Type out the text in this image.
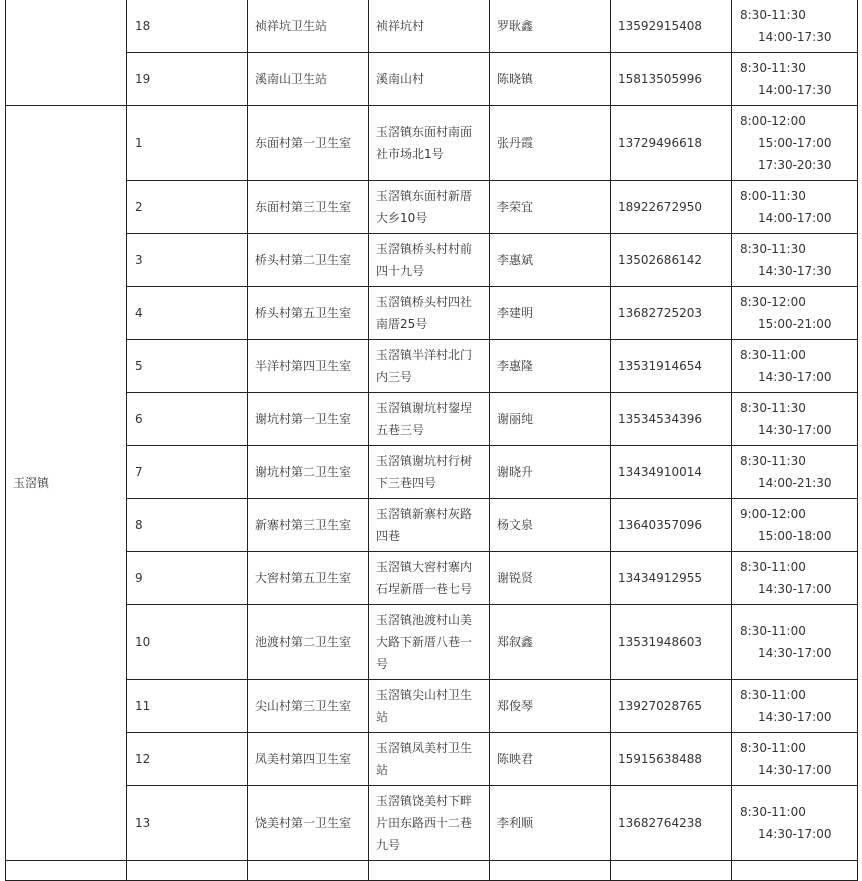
	18	祯祥坑卫生站	祯祥坑村	罗耿鑫	13592915408	8:30-11:30
14:00-17:30

	19	溪南山卫生站	溪南山村	陈晓镇	15813505996	8:30-11:30
14:00-17:30

玉滘镇	1	东面村第一卫生室	玉滘镇东面村南面社市场北1号	张丹霞	13729496618	8:00-12:00
15:00-17:00
17:30-20:30

	2	东面村第三卫生室	玉滘镇东面村新厝大乡10号	李荣宜	18922672950	8:00-11:30
14:00-17:00

	3	桥头村第二卫生室	玉滘镇桥头村村前四十九号	李惠斌	13502686142	8:30-11:30
14:30-17:30

	4	桥头村第五卫生室	玉滘镇桥头村四社南厝25号	李建明	13682725203	8:30-12:00
15:00-21:00

	5	半洋村第四卫生室	玉滘镇半洋村北门内三号	李惠隆	13531914654	8:30-11:00
14:30-17:00

	6	谢坑村第一卫生室	玉滘镇谢坑村鋆埕五巷三号	谢丽纯	13534534396	8:30-11:30
14:30-17:00

	7	谢坑村第二卫生室	玉滘镇谢坑村行树下三巷四号	谢晓升	13434910014	8:30-11:30
14:00-21:30

	8	新寨村第三卫生室	玉滘镇新寨村灰路四巷	杨文泉	13640357096	9:00-12:00
15:00-18:00

	9	大窖村第五卫生室	玉滘镇大窖村寨内石埕新厝一巷七号	谢锐贤	13434912955	8:30-11:00
14:30-17:00

	10	池渡村第二卫生室	玉滘镇池渡村山美大路下新厝八巷一号	郑叙鑫	13531948603	8:30-11:00
14:30-17:00

	11	尖山村第三卫生室	玉滘镇尖山村卫生站	郑俊琴	13927028765	8:30-11:00
14:30-17:00

	12	凤美村第四卫生室	玉滘镇凤美村卫生站	陈映君	15915638488	8:30-11:00
14:30-17:00

	13	饶美村第一卫生室	玉滘镇饶美村下畔片田东路西十二巷九号	李利顺	13682764238	8:30-11:00
14:30-17:00
